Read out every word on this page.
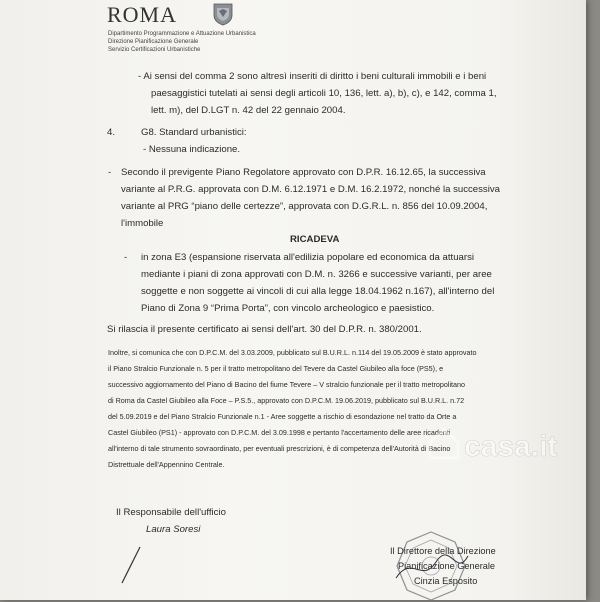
ROMA
Dipartimento Programmazione e Attuazione Urbanistica
Direzione Pianificazione Generale
Servizio Certificazioni Urbanistiche
- Ai sensi del comma 2 sono altresì inseriti di diritto i beni culturali immobili e i beni
paesaggistici tutelati ai sensi degli articoli 10, 136, lett. a), b), c), e 142, comma 1,
lett. m), del D.LGT n. 42 del 22 gennaio 2004.
4.	G8. Standard urbanistici:
- Nessuna indicazione.
- Secondo il previgente Piano Regolatore approvato con D.P.R. 16.12.65, la successiva
variante al P.R.G. approvata con D.M. 6.12.1971 e D.M. 16.2.1972, nonché la successiva
variante al PRG “piano delle certezze”, approvata con D.G.R.L. n. 856 del 10.09.2004,
l'immobile
RICADEVA
- in zona E3 (espansione riservata all'edilizia popolare ed economica da attuarsi
mediante i piani di zona approvati con D.M. n. 3266 e successive varianti, per aree
soggette e non soggette ai vincoli di cui alla legge 18.04.1962 n.167), all'interno del
Piano di Zona 9 “Prima Porta”, con vincolo archeologico e paesistico.
Si rilascia il presente certificato ai sensi dell'art. 30 del D.P.R. n. 380/2001.
Inoltre, si comunica che con D.P.C.M. del 3.03.2009, pubblicato sul B.U.R.L. n.114 del 19.05.2009 è stato approvato
il Piano Stralcio Funzionale n. 5 per il tratto metropolitano del Tevere da Castel Giubileo alla foce (PS5), e
successivo aggiornamento del Piano di Bacino del fiume Tevere – V stralcio funzionale per il tratto metropolitano
di Roma da Castel Giubileo alla Foce – P.S.5., approvato con D.P.C.M. 19.06.2019, pubblicato sul B.U.R.L. n.72
del 5.09.2019 e del Piano Stralcio Funzionale n.1 - Aree soggette a rischio di esondazione nel tratto da Orte a
Castel Giubileo (PS1) - approvato con D.P.C.M. del 3.09.1998 e pertanto l'accertamento delle aree ricadenti
all'interno di tale strumento sovraordinato, per eventuali prescrizioni, è di competenza dell'Autorità di Bacino
Distrettuale dell'Appennino Centrale.
casa.it
Il Responsabile dell'ufficio
Laura Soresi
Il Direttore della Direzione
Pianificazione Generale
Cinzia Esposito
